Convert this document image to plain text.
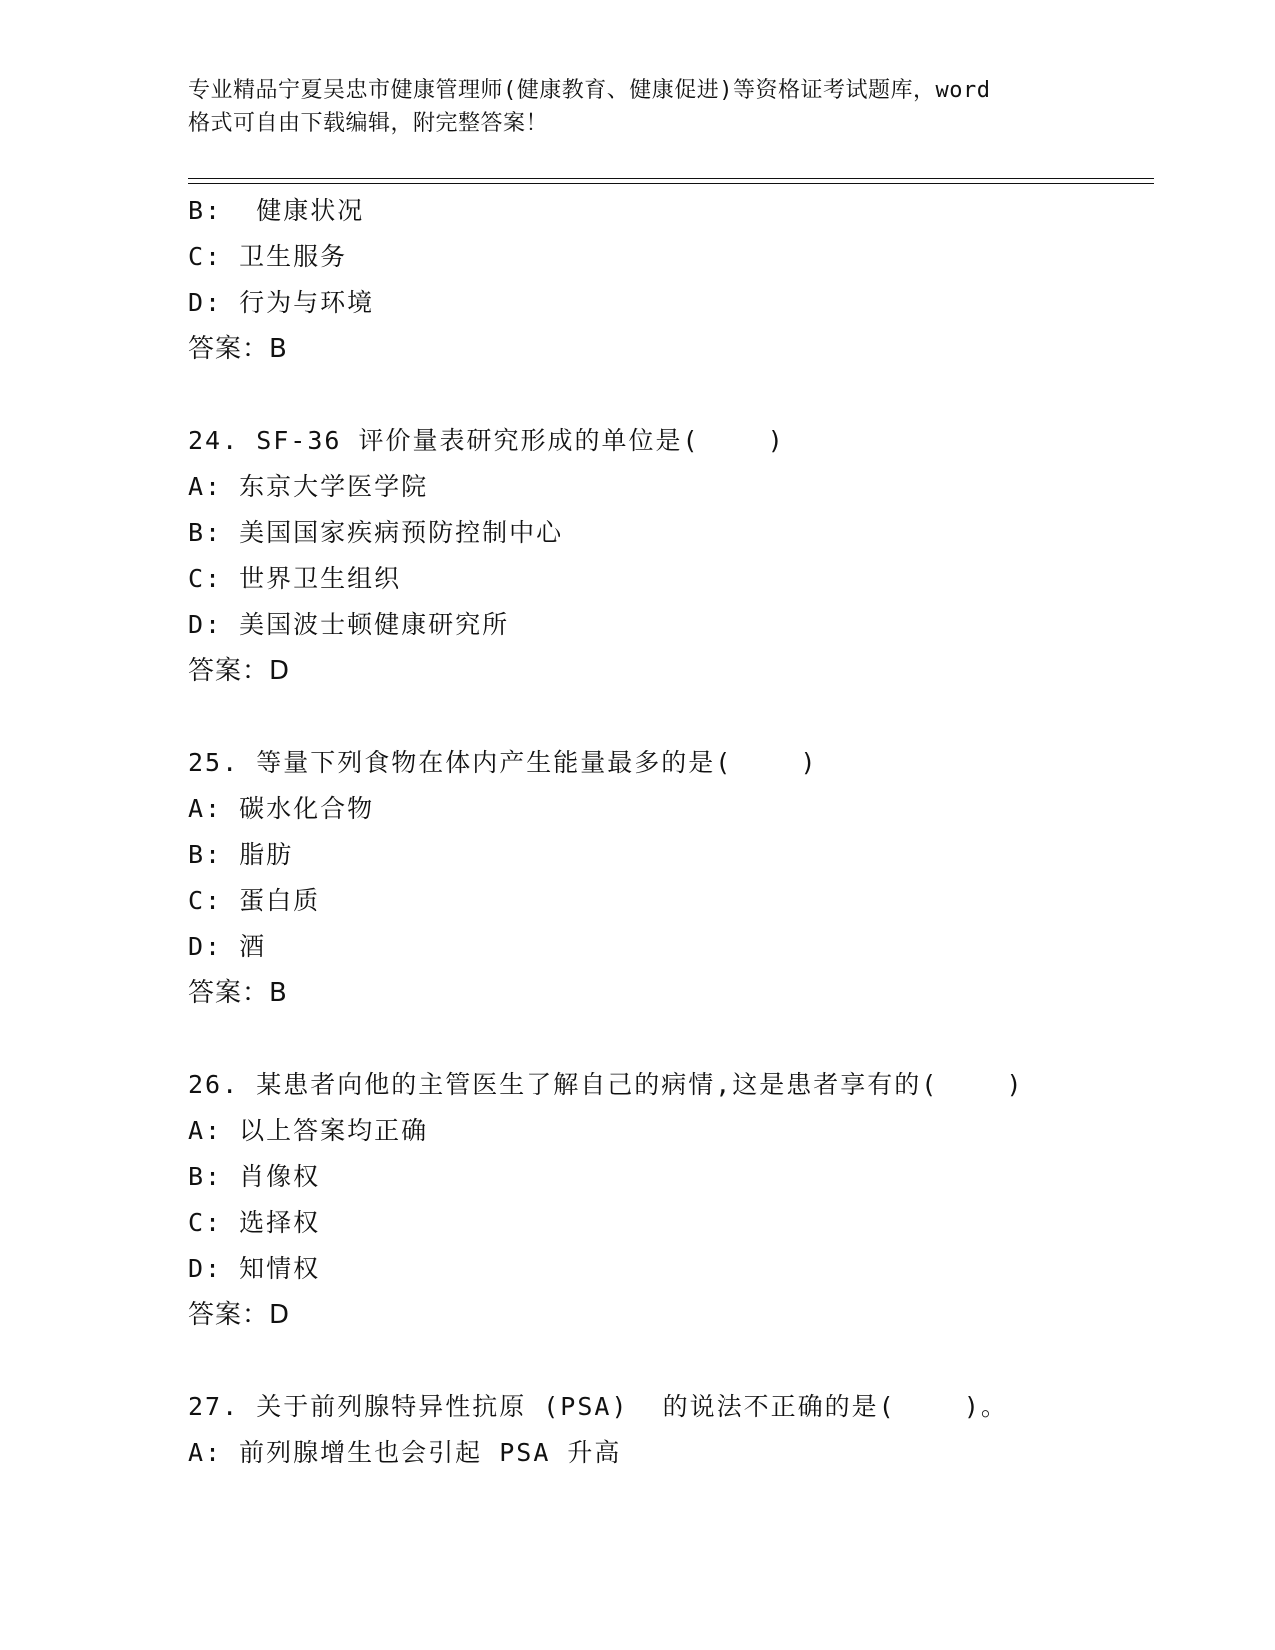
专业精品宁夏吴忠市健康管理师(健康教育、健康促进)等资格证考试题库，word
格式可自由下载编辑，附完整答案！
B:  健康状况
C: 卫生服务
D: 行为与环境
答案：B
24. SF-36 评价量表研究形成的单位是(    )
A: 东京大学医学院
B: 美国国家疾病预防控制中心
C: 世界卫生组织
D: 美国波士顿健康研究所
答案：D
25. 等量下列食物在体内产生能量最多的是(    )
A: 碳水化合物
B: 脂肪
C: 蛋白质
D: 酒
答案：B
26. 某患者向他的主管医生了解自己的病情,这是患者享有的(    )
A: 以上答案均正确
B: 肖像权
C: 选择权
D: 知情权
答案：D
27. 关于前列腺特异性抗原 (PSA)  的说法不正确的是(    )。
A: 前列腺增生也会引起 PSA 升高
